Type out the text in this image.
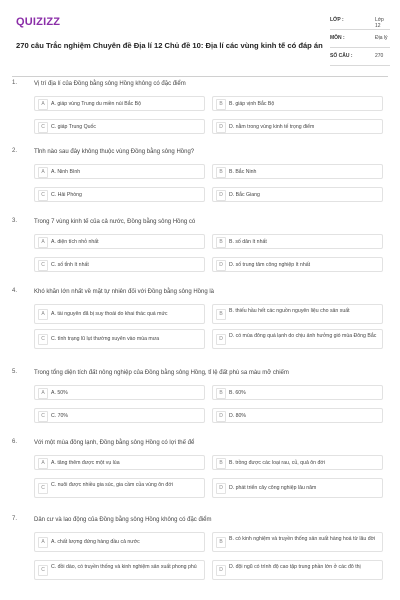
QUIZIZZ
270 câu Trắc nghiệm Chuyên đề Địa lí 12 Chủ đề 10: Địa lí các vùng kinh tế có đáp án
LỚP :	Lớp 12
MÔN :	Địa lý
SỐ CÂU :	270
1.	Vị trí địa lí của Đồng bằng sông Hồng không có đặc điểm
A	A. giáp vùng Trung du miền núi Bắc Bộ	B	B. giáp vịnh Bắc Bộ
C	C. giáp Trung Quốc	D	D. nằm trong vùng kinh tế trọng điểm
2.	Tỉnh nào sau đây không thuộc vùng Đồng bằng sông Hồng?
A	A. Ninh Bình	B	B. Bắc Ninh
C	C. Hải Phòng	D	D. Bắc Giang
3.	Trong 7 vùng kinh tế của cả nước, Đồng bằng sông Hồng có
A	A. diện tích nhỏ nhất	B	B. số dân ít nhất
C	C. số tỉnh ít nhất	D	D. số trung tâm công nghiệp ít nhất
4.	Khó khăn lớn nhất về mặt tự nhiên đối với Đồng bằng sông Hồng là
A	A. tài nguyên đã bị suy thoái do khai thác quá mức	B	B. thiếu hầu hết các nguồn nguyên liệu cho sản xuất
C	C. tình trạng lũ lụt thường xuyên vào mùa mưa	D	D. có mùa đông quá lạnh do chịu ảnh hưởng gió mùa Đông Bắc
5.	Trong tổng diện tích đất nông nghiệp của Đồng bằng sông Hồng, tỉ lệ đất phù sa màu mỡ chiếm
A	A. 50%	B	B. 60%
C	C. 70%	D	D. 80%
6.	Với một mùa đông lạnh, Đồng bằng sông Hồng có lợi thế để
A	A. tăng thêm được một vụ lúa	B	B. trồng được các loại rau, củ, quả ôn đới
C	C. nuôi được nhiều gia súc, gia cầm của vùng ôn đới	D	D. phát triển cây công nghiệp lâu năm
7.	Dân cư và lao động của Đồng bằng sông Hồng không có đặc điểm
A	A. chất lượng đứng hàng đầu cả nước	B	B. có kinh nghiệm và truyền thống sản xuất hàng hoá từ lâu đời
C	C. đồi dào, có truyền thống và kinh nghiệm sản xuất phong phú	D	D. đội ngũ có trình độ cao tập trung phần lớn ở các đô thị
